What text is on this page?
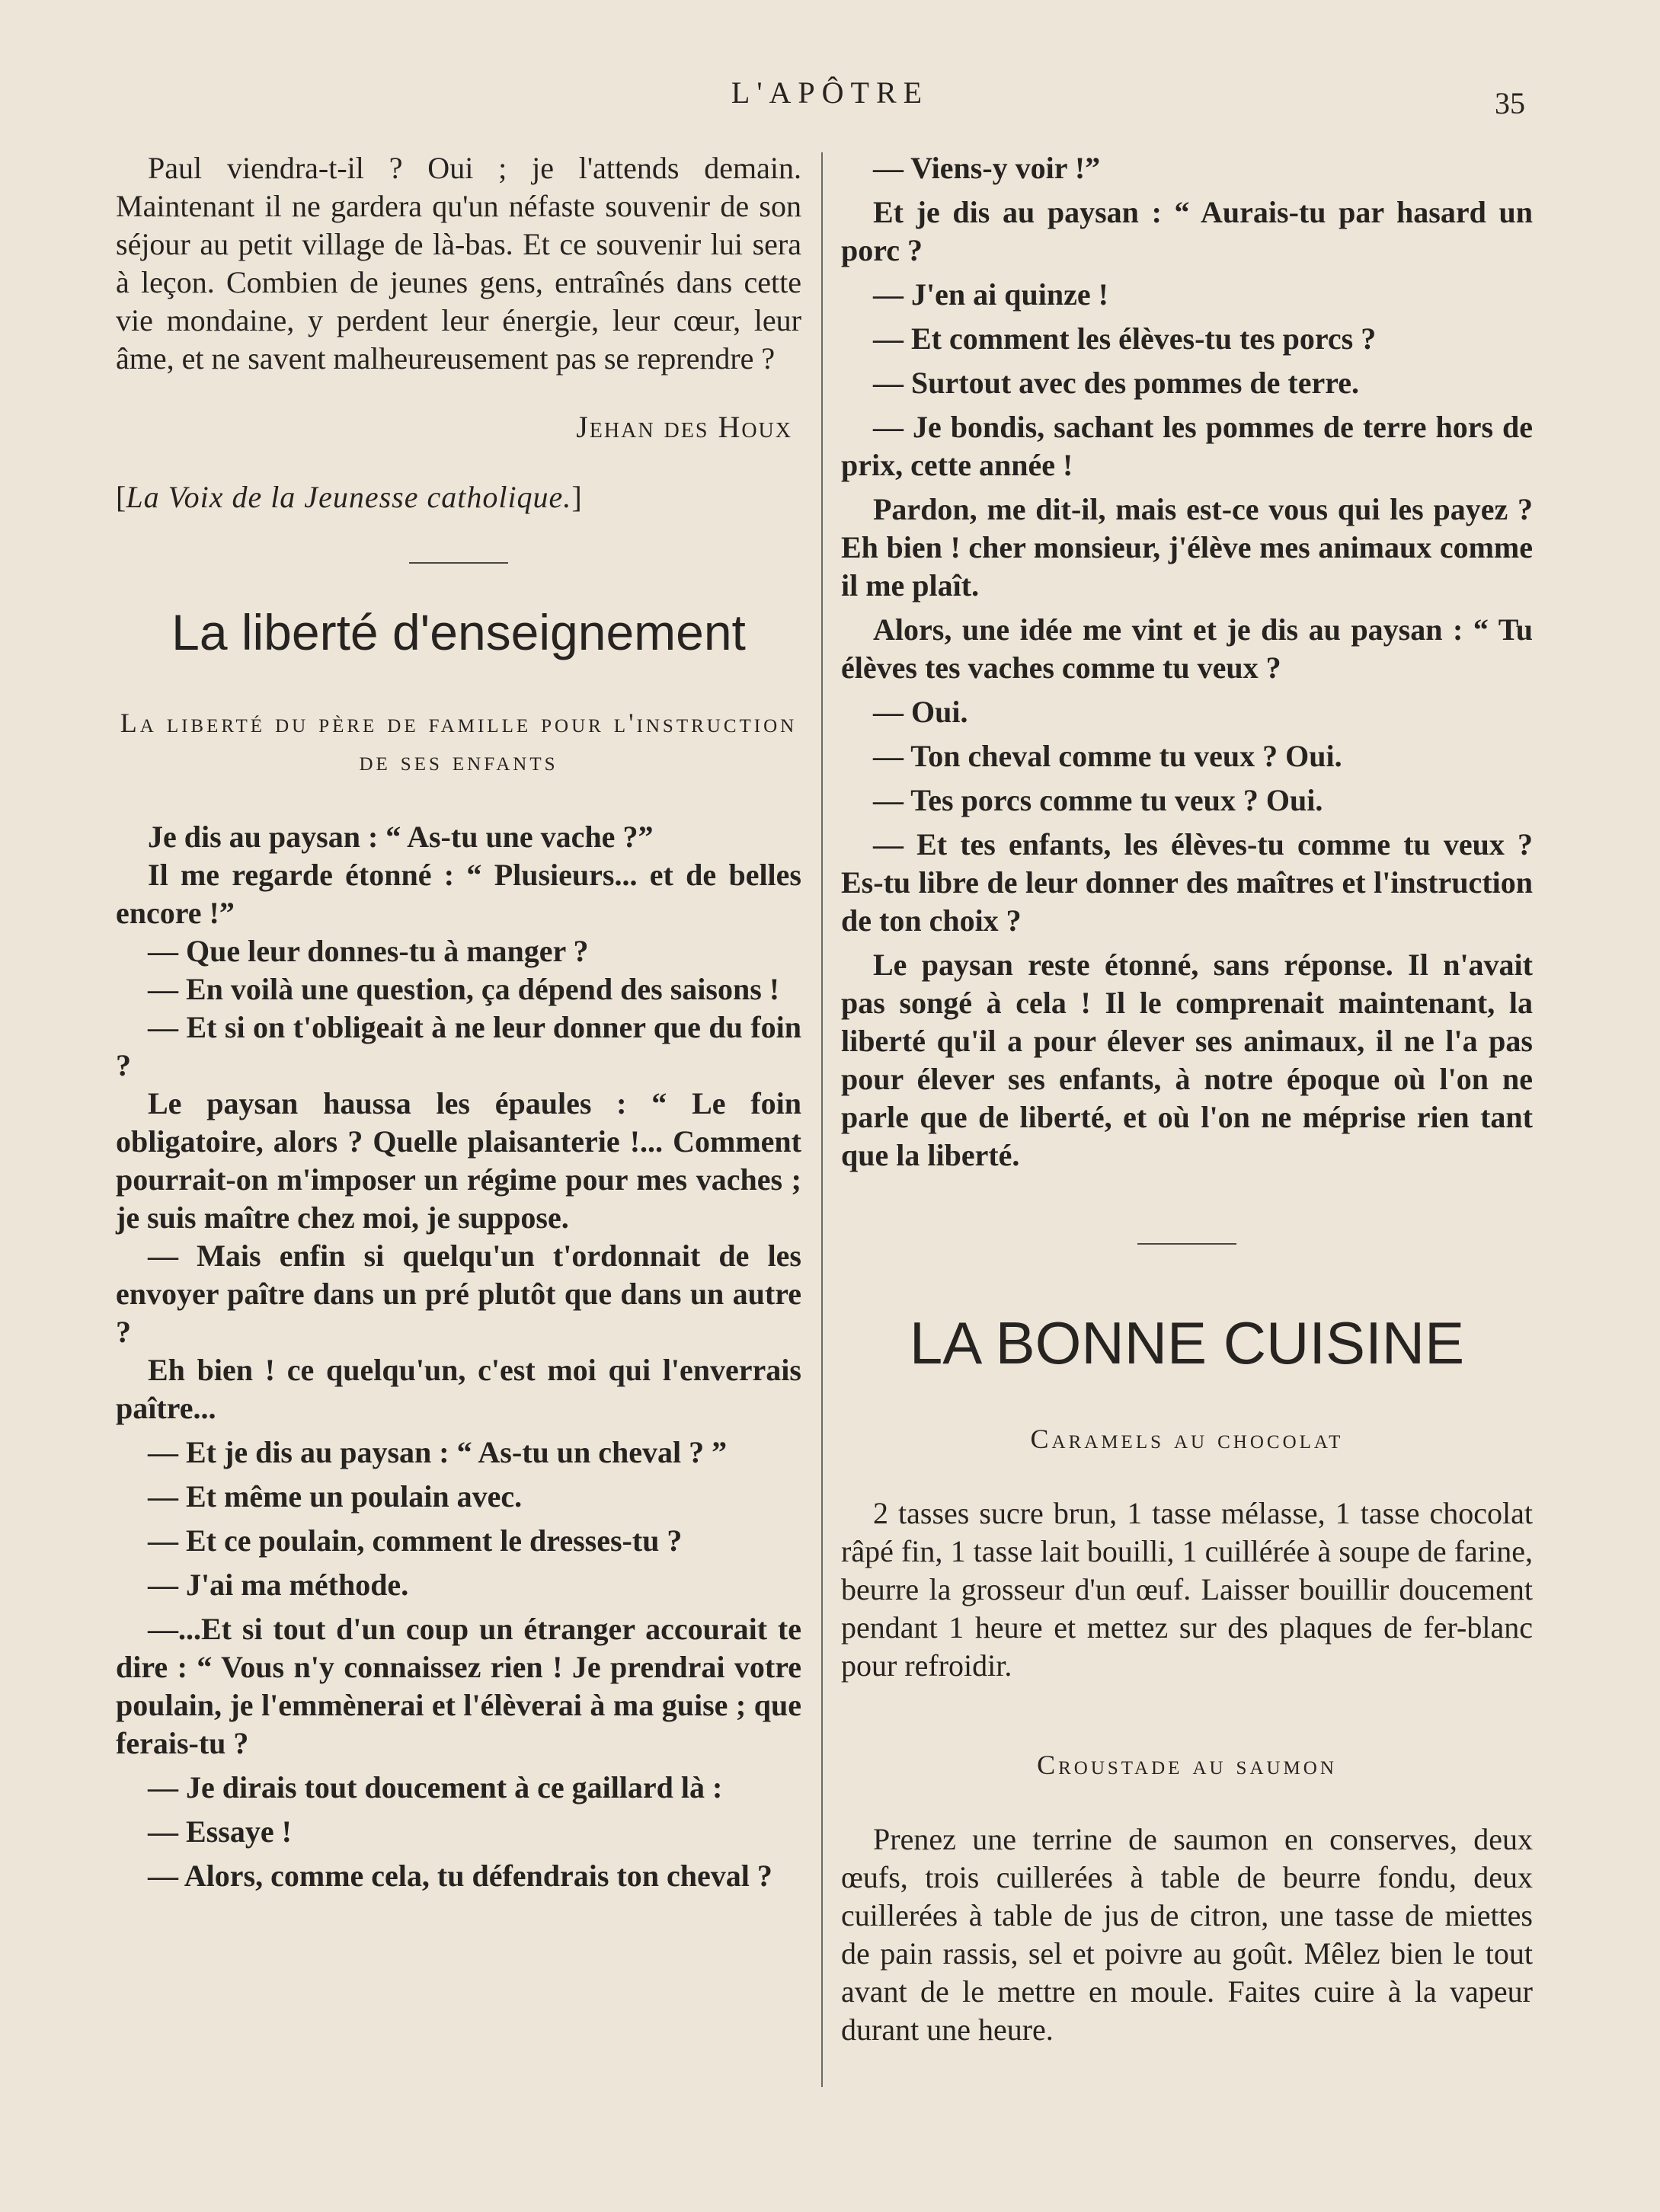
L'APÔTRE	35

Paul viendra-t-il ? Oui ; je l'attends demain. Maintenant il ne gardera qu'un néfaste souvenir de son séjour au petit village de là-bas. Et ce souvenir lui sera à leçon. Combien de jeunes gens, entraînés dans cette vie mondaine, y perdent leur énergie, leur cœur, leur âme, et ne savent malheureusement pas se reprendre ?

Jehan des Houx

[La Voix de la Jeunesse catholique.]

La liberté d'enseignement
La liberté du père de famille pour l'instruction de ses enfants

Je dis au paysan : “ As-tu une vache ?”

Il me regarde étonné : “ Plusieurs... et de belles encore !”

— Que leur donnes-tu à manger ?

— En voilà une question, ça dépend des saisons !

— Et si on t'obligeait à ne leur donner que du foin ?

Le paysan haussa les épaules : “ Le foin obligatoire, alors ? Quelle plaisanterie !... Comment pourrait-on m'imposer un régime pour mes vaches ; je suis maître chez moi, je suppose.

— Mais enfin si quelqu'un t'ordonnait de les envoyer paître dans un pré plutôt que dans un autre ?

Eh bien ! ce quelqu'un, c'est moi qui l'enverrais paître...

— Et je dis au paysan : “ As-tu un cheval ? ”

— Et même un poulain avec.

— Et ce poulain, comment le dresses-tu ?

— J'ai ma méthode.

—...Et si tout d'un coup un étranger accourait te dire : “ Vous n'y connaissez rien ! Je prendrai votre poulain, je l'emmènerai et l'élèverai à ma guise ; que ferais-tu ?

— Je dirais tout doucement à ce gaillard là :

— Essaye !

— Alors, comme cela, tu défendrais ton cheval ?

— Viens-y voir !”

Et je dis au paysan : “ Aurais-tu par hasard un porc ?

— J'en ai quinze !

— Et comment les élèves-tu tes porcs ?

— Surtout avec des pommes de terre.

— Je bondis, sachant les pommes de terre hors de prix, cette année !

Pardon, me dit-il, mais est-ce vous qui les payez ? Eh bien ! cher monsieur, j'élève mes animaux comme il me plaît.

Alors, une idée me vint et je dis au paysan : “ Tu élèves tes vaches comme tu veux ?

— Oui.

— Ton cheval comme tu veux ? Oui.

— Tes porcs comme tu veux ? Oui.

— Et tes enfants, les élèves-tu comme tu veux ? Es-tu libre de leur donner des maîtres et l'instruction de ton choix ?

Le paysan reste étonné, sans réponse. Il n'avait pas songé à cela ! Il le comprenait maintenant, la liberté qu'il a pour élever ses animaux, il ne l'a pas pour élever ses enfants, à notre époque où l'on ne parle que de liberté, et où l'on ne méprise rien tant que la liberté.

LA BONNE CUISINE
Caramels au chocolat

2 tasses sucre brun, 1 tasse mélasse, 1 tasse chocolat râpé fin, 1 tasse lait bouilli, 1 cuillérée à soupe de farine, beurre la grosseur d'un œuf. Laisser bouillir doucement pendant 1 heure et mettez sur des plaques de fer-blanc pour refroidir.

Croustade au saumon

Prenez une terrine de saumon en conserves, deux œufs, trois cuillerées à table de beurre fondu, deux cuillerées à table de jus de citron, une tasse de miettes de pain rassis, sel et poivre au goût. Mêlez bien le tout avant de le mettre en moule. Faites cuire à la vapeur durant une heure.
